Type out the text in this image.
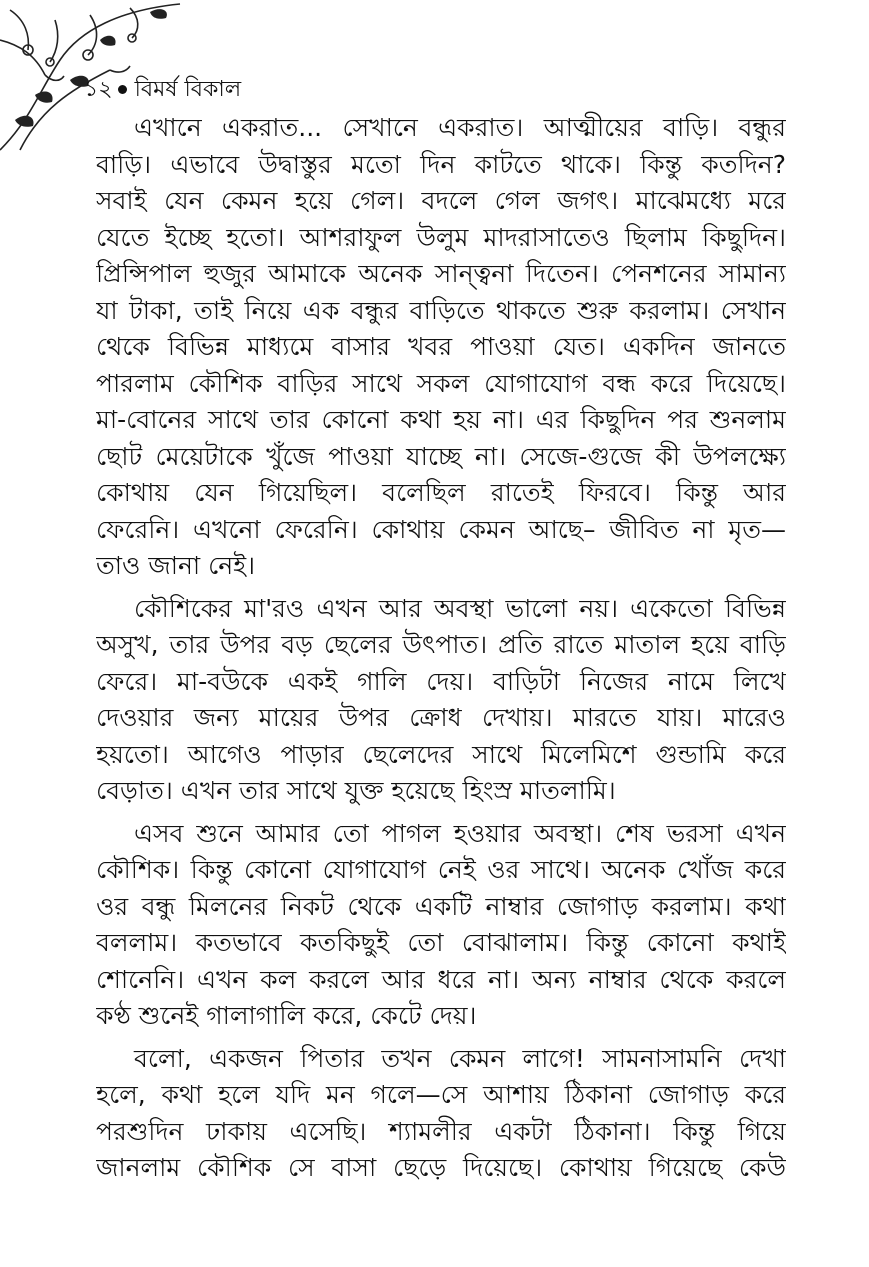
১২ বিমর্ষ বিকাল
এখানে একরাত... সেখানে একরাত। আত্মীয়ের বাড়ি। বন্ধুর
বাড়ি। এভাবে উদ্বাস্তুর মতো দিন কাটতে থাকে। কিন্তু কতদিন?
সবাই যেন কেমন হয়ে গেল। বদলে গেল জগৎ। মাঝেমধ্যে মরে
যেতে ইচ্ছে হতো। আশরাফুল উলুম মাদরাসাতেও ছিলাম কিছুদিন।
প্রিন্সিপাল হুজুর আমাকে অনেক সান্ত্বনা দিতেন। পেনশনের সামান্য
যা টাকা, তাই নিয়ে এক বন্ধুর বাড়িতে থাকতে শুরু করলাম। সেখান
থেকে বিভিন্ন মাধ্যমে বাসার খবর পাওয়া যেত। একদিন জানতে
পারলাম কৌশিক বাড়ির সাথে সকল যোগাযোগ বন্ধ করে দিয়েছে।
মা-বোনের সাথে তার কোনো কথা হয় না। এর কিছুদিন পর শুনলাম
ছোট মেয়েটাকে খুঁজে পাওয়া যাচ্ছে না। সেজে-গুজে কী উপলক্ষ্যে
কোথায় যেন গিয়েছিল। বলেছিল রাতেই ফিরবে। কিন্তু আর
ফেরেনি। এখনো ফেরেনি। কোথায় কেমন আছে– জীবিত না মৃত—
তাও জানা নেই।
কৌশিকের মা'রও এখন আর অবস্থা ভালো নয়। একেতো বিভিন্ন
অসুখ, তার উপর বড় ছেলের উৎপাত। প্রতি রাতে মাতাল হয়ে বাড়ি
ফেরে। মা-বউকে একই গালি দেয়। বাড়িটা নিজের নামে লিখে
দেওয়ার জন্য মায়ের উপর ক্রোধ দেখায়। মারতে যায়। মারেও
হয়তো। আগেও পাড়ার ছেলেদের সাথে মিলেমিশে গুন্ডামি করে
বেড়াত। এখন তার সাথে যুক্ত হয়েছে হিংস্র মাতলামি।
এসব শুনে আমার তো পাগল হওয়ার অবস্থা। শেষ ভরসা এখন
কৌশিক। কিন্তু কোনো যোগাযোগ নেই ওর সাথে। অনেক খোঁজ করে
ওর বন্ধু মিলনের নিকট থেকে একটি নাম্বার জোগাড় করলাম। কথা
বললাম। কতভাবে কতকিছুই তো বোঝালাম। কিন্তু কোনো কথাই
শোনেনি। এখন কল করলে আর ধরে না। অন্য নাম্বার থেকে করলে
কণ্ঠ শুনেই গালাগালি করে, কেটে দেয়।
বলো, একজন পিতার তখন কেমন লাগে! সামনাসামনি দেখা
হলে, কথা হলে যদি মন গলে—সে আশায় ঠিকানা জোগাড় করে
পরশুদিন ঢাকায় এসেছি। শ্যামলীর একটা ঠিকানা। কিন্তু গিয়ে
জানলাম কৌশিক সে বাসা ছেড়ে দিয়েছে। কোথায় গিয়েছে কেউ
